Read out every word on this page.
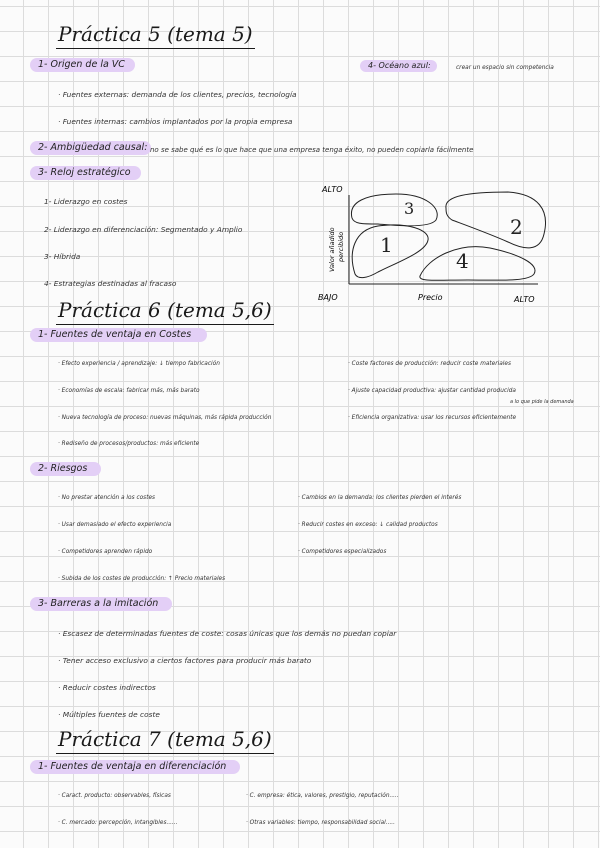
Práctica 5 (tema 5)
1- Origen de la VC
· Fuentes externas: demanda de los clientes, precios, tecnología
· Fuentes internas: cambios implantados por la propia empresa
4- Océano azul:	crear un espacio sin competencia
2- Ambigüedad causal: no se sabe qué es lo que hace que una empresa tenga éxito, no pueden copiarla fácilmente
3- Reloj estratégico
1- Liderazgo en costes
2- Liderazgo en diferenciación: Segmentado y Amplio
3- Híbrida
4- Estrategias destinadas al fracaso
ALTO
BAJO	Precio	ALTO
Valor añadido percibido 1
3
2
4
Práctica 6 (tema 5,6)
1- Fuentes de ventaja en Costes
· Efecto experiencia / aprendizaje: ↓ tiempo fabricación
· Economías de escala: fabricar más, más barato
· Nueva tecnología de proceso: nuevas máquinas, más rápida producción
· Rediseño de procesos/productos: más eficiente
· Coste factores de producción: reducir coste materiales
· Ajuste capacidad productiva: ajustar cantidad producida
a lo que pide la demanda
· Eficiencia organizativa: usar los recursos eficientemente
2- Riesgos
· No prestar atención a los costes
· Usar demasiado el efecto experiencia
· Competidores aprenden rápido
· Subida de los costes de producción: ↑ Precio materiales
· Cambios en la demanda: los clientes pierden el interés
· Reducir costes en exceso: ↓ calidad productos
· Competidores especializados
3- Barreras a la imitación
· Escasez de determinadas fuentes de coste: cosas únicas que los demás no puedan copiar
· Tener acceso exclusivo a ciertos factores para producir más barato
· Reducir costes indirectos
· Múltiples fuentes de coste
Práctica 7 (tema 5,6)
1- Fuentes de ventaja en diferenciación
· Caract. producto: observables, físicas
· C. mercado: percepción, intangibles......
· C. empresa: ética, valores, prestigio, reputación.....
· Otras variables: tiempo, responsabilidad social.....
